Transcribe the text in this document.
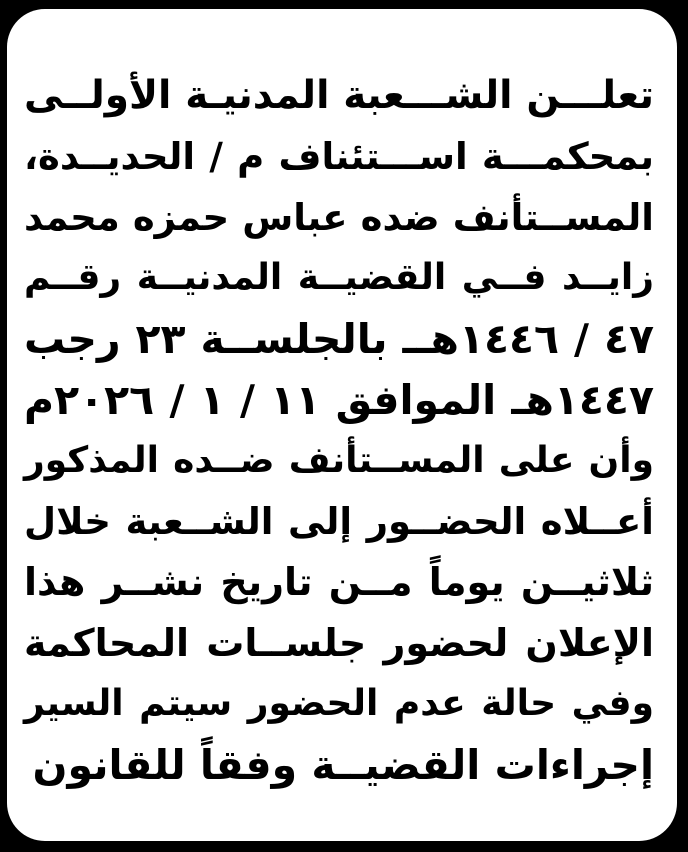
تعلـــن الشـــعبة المدنيـة الأولــى
بمحكمـــة اســـتئناف م / الحديــدة،
المســتأنف ضده عباس حمزه محمد
زايــد فــي القضيــة المدنيــة رقــم
٤٧ / ١٤٤٦هــ بالجلســة ٢٣ رجب
١٤٤٧هـ الموافق ١١ / ١ / ٢٠٢٦م
وأن على المســتأنف ضــده المذكور
أعــلاه الحضــور إلى الشــعبة خلال
ثلاثيــن يوماً مــن تاريخ نشــر هذا
الإعلان لحضور جلســات المحاكمة
وفي حالة عدم الحضور سيتم السير
إجراءات القضيــة وفقاً للقانون
